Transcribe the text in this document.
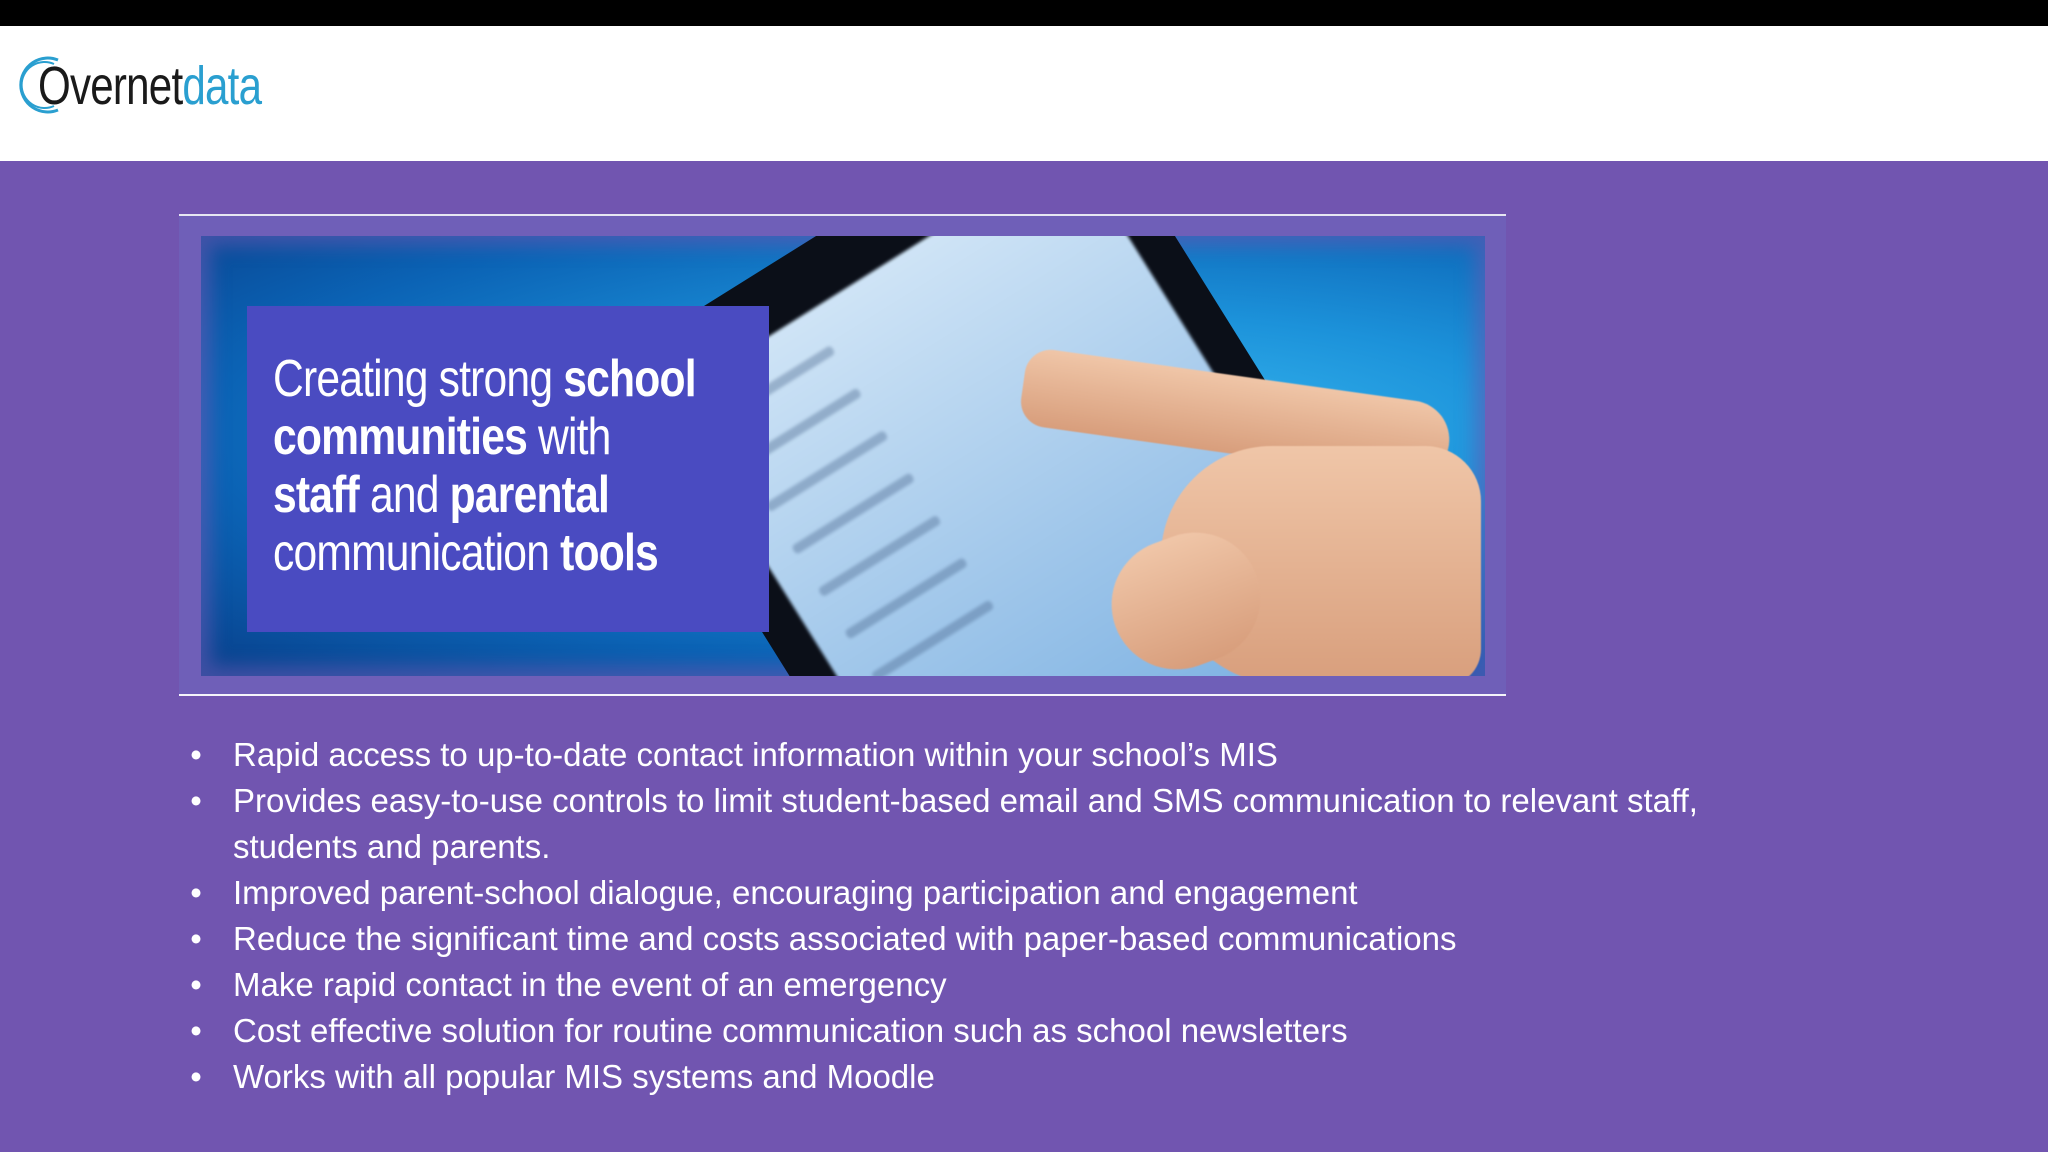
Overnetdata
Creating strong school
communities with
staff and parental
communication tools
• Rapid access to up-to-date contact information within your school’s MIS
• Provides easy-to-use controls to limit student-based email and SMS communication to relevant staff, students and parents.
• Improved parent-school dialogue, encouraging participation and engagement
• Reduce the significant time and costs associated with paper-based communications
• Make rapid contact in the event of an emergency
• Cost effective solution for routine communication such as school newsletters
• Works with all popular MIS systems and Moodle
